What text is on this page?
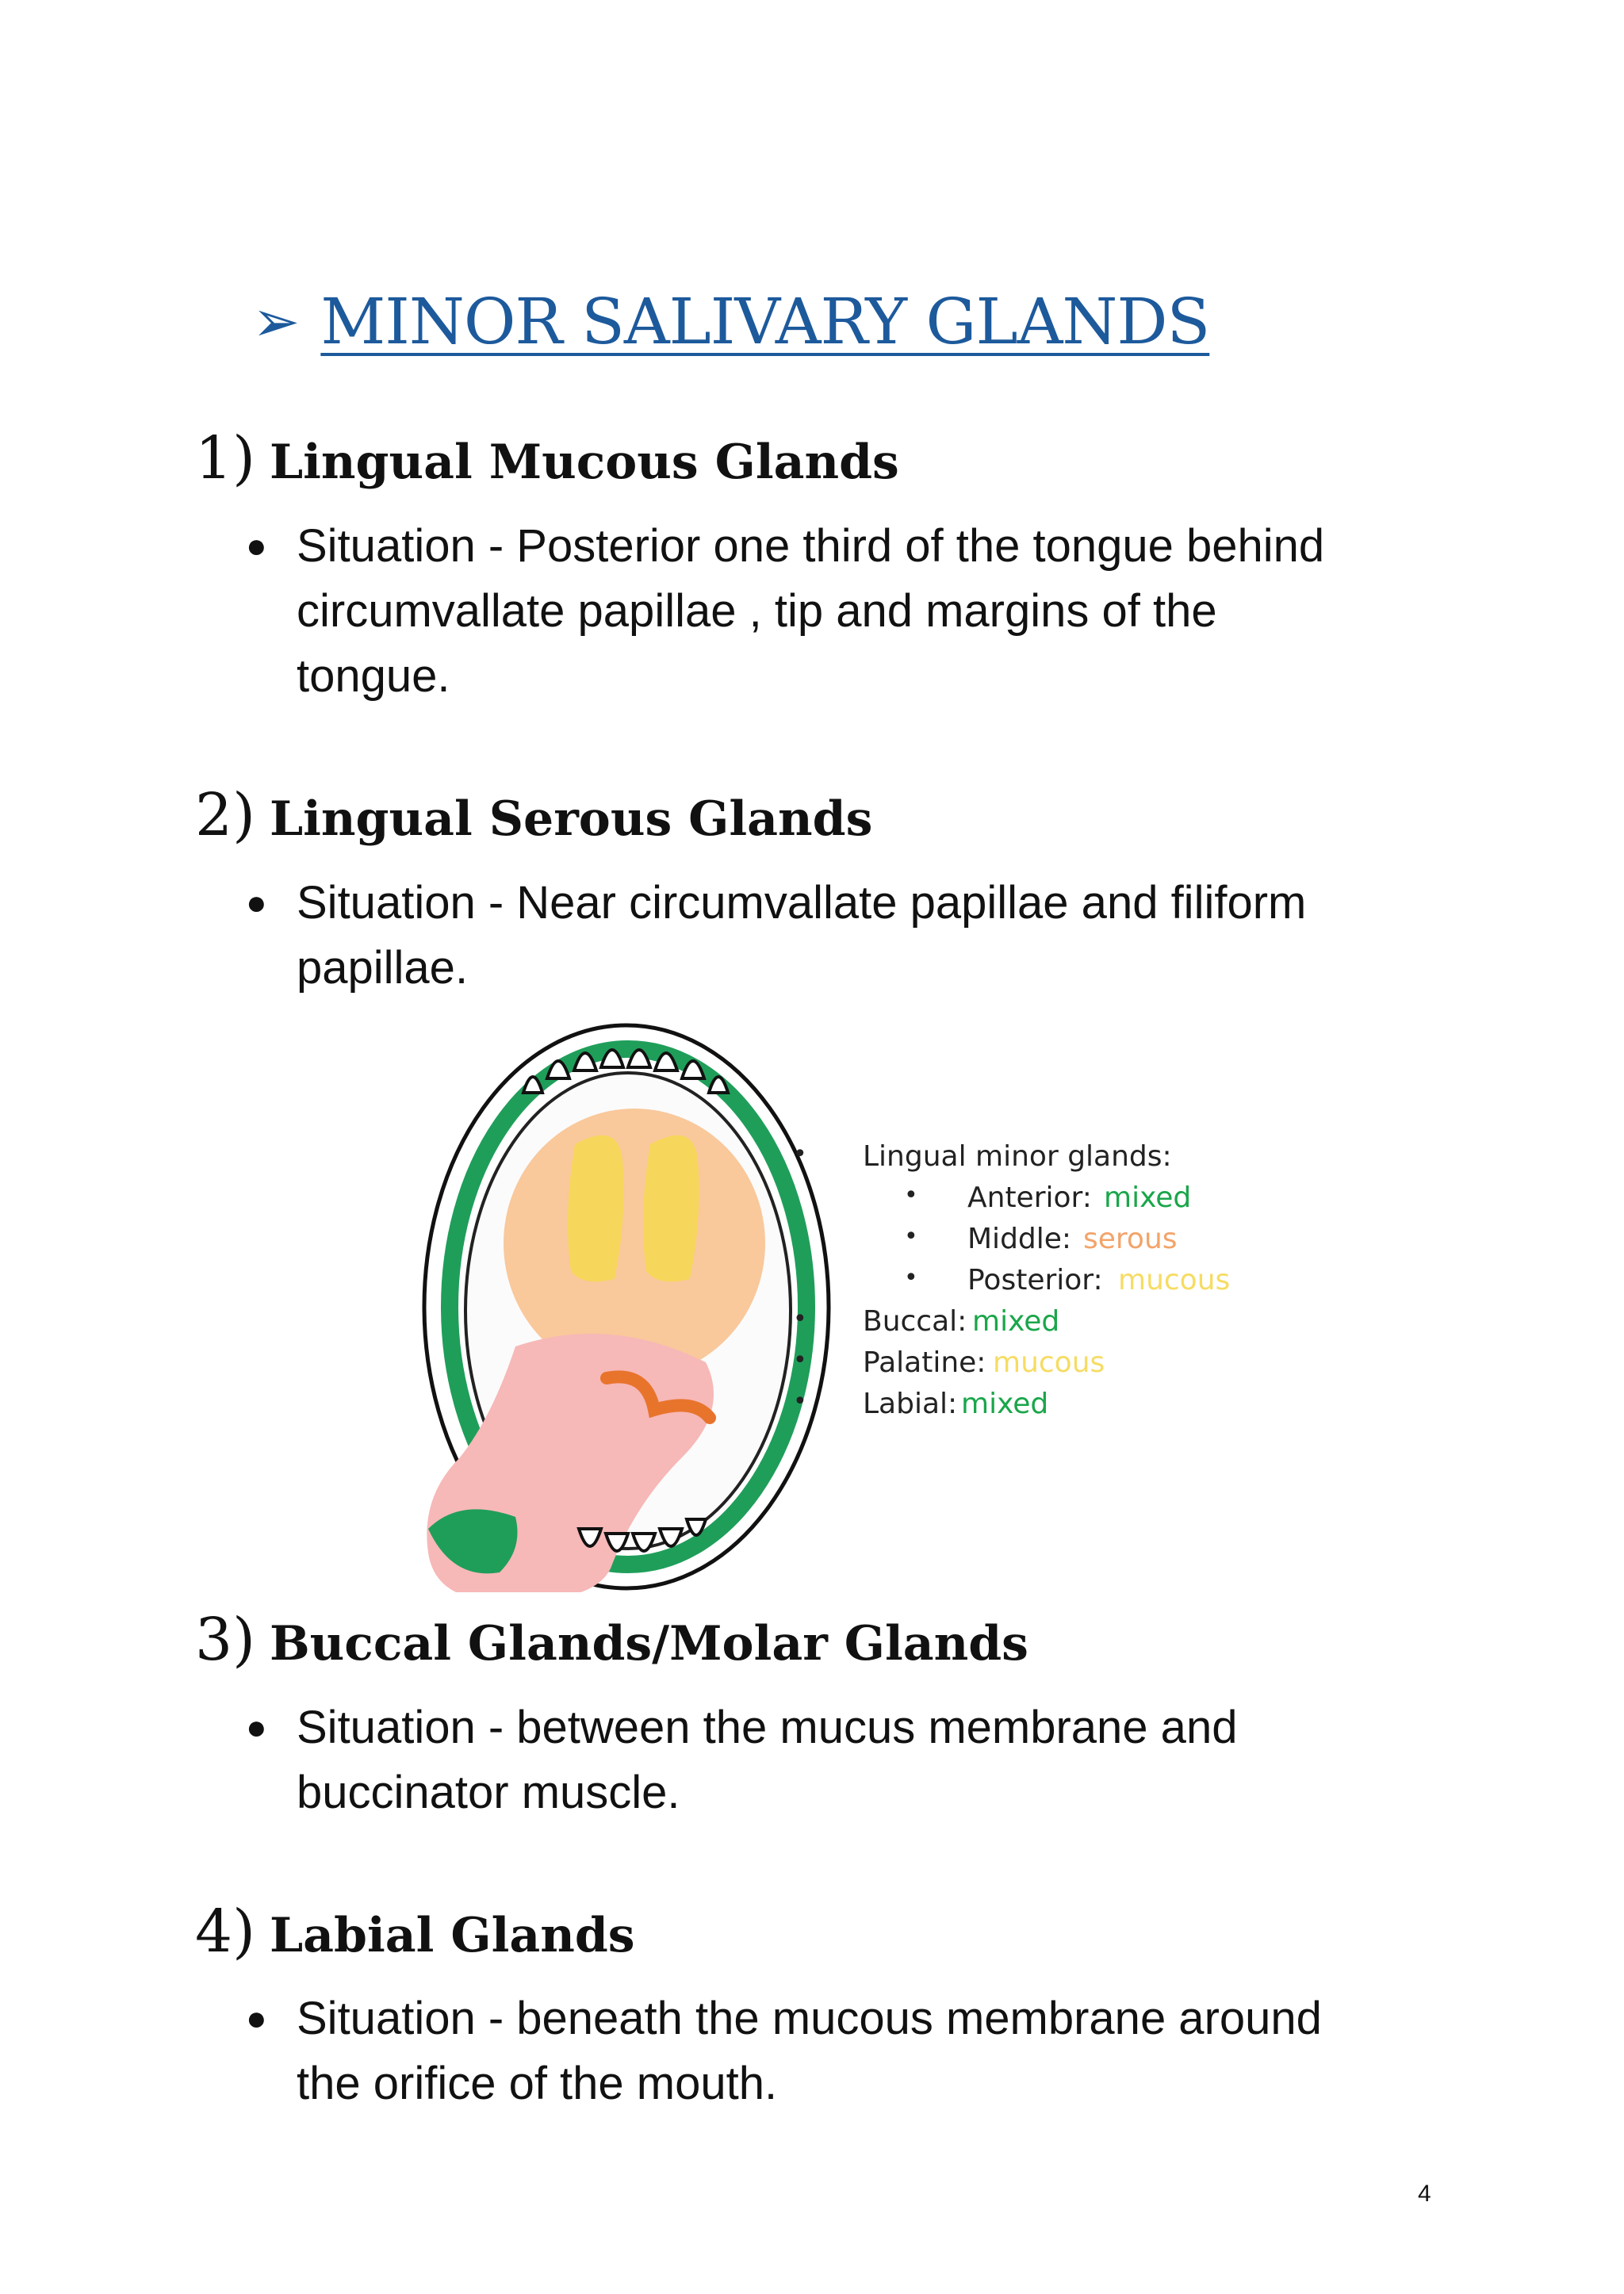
➢ MINOR SALIVARY GLANDS
1) Lingual Mucous Glands
● Situation - Posterior one third of the tongue behind
circumvallate papillae , tip and margins of the
tongue.
2) Lingual Serous Glands
● Situation - Near circumvallate papillae and filiform
papillae.
• Lingual minor glands:
• Anterior: mixed
• Middle: serous
• Posterior: mucous
• Buccal: mixed
• Palatine: mucous
• Labial: mixed
3) Buccal Glands/Molar Glands
● Situation - between the mucus membrane and
buccinator muscle.
4) Labial Glands
● Situation - beneath the mucous membrane around
the orifice of the mouth.
4
